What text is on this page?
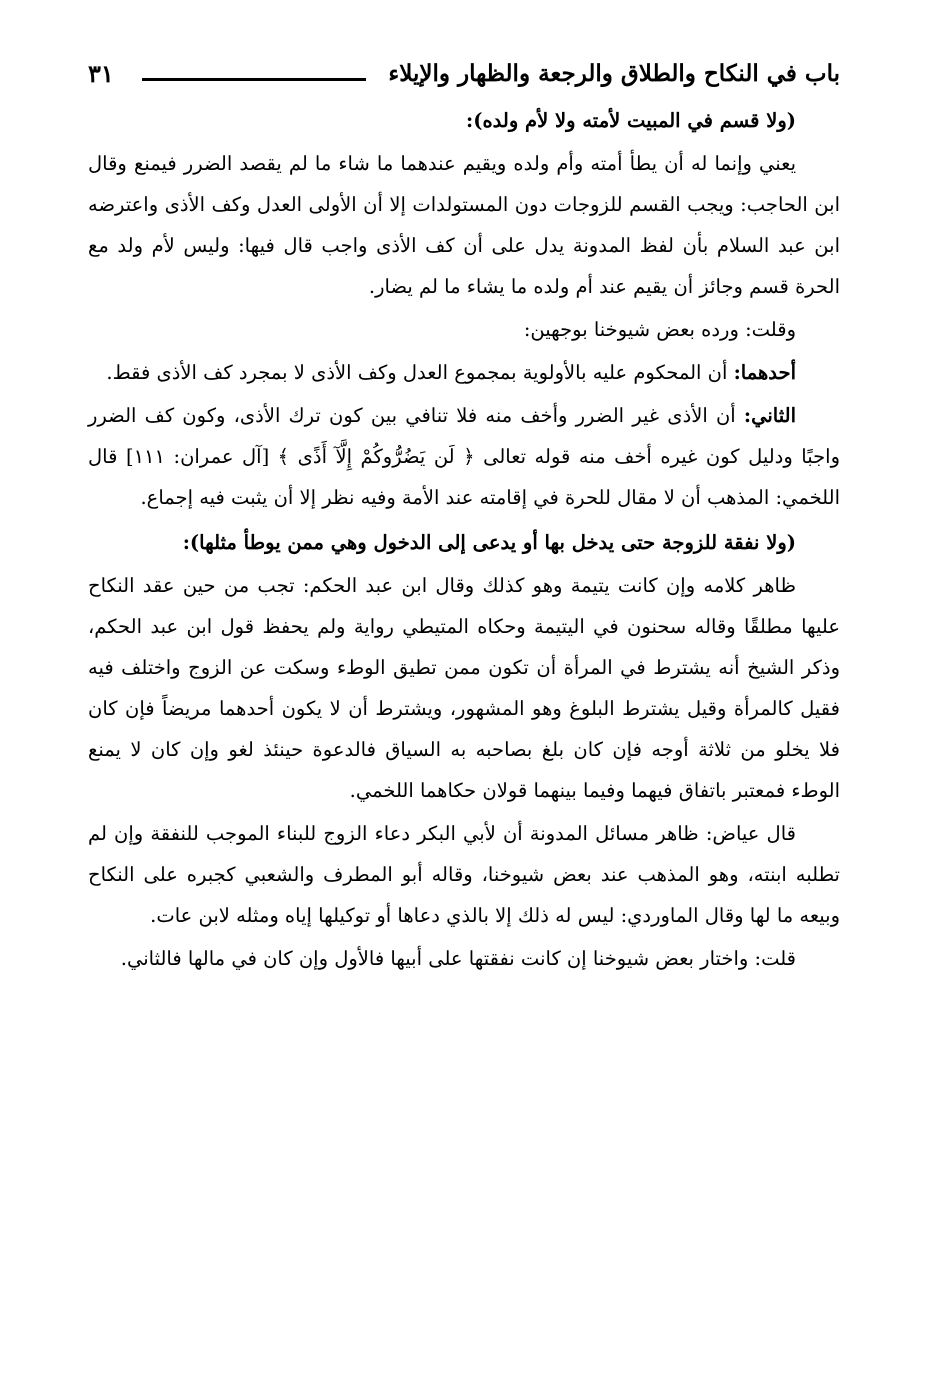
باب في النكاح والطلاق والرجعة والظهار والإيلاء
٣١
(ولا قسم في المبيت لأمته ولا لأم ولده):

يعني وإنما له أن يطأ أمته وأم ولده ويقيم عندهما ما شاء ما لم يقصد الضرر فيمنع وقال ابن الحاجب: ويجب القسم للزوجات دون المستولدات إلا أن الأولى العدل وكف الأذى واعترضه ابن عبد السلام بأن لفظ المدونة يدل على أن كف الأذى واجب قال فيها: وليس لأم ولد مع الحرة قسم وجائز أن يقيم عند أم ولده ما يشاء ما لم يضار.

وقلت: ورده بعض شيوخنا بوجهين:

أحدهما: أن المحكوم عليه بالأولوية بمجموع العدل وكف الأذى لا بمجرد كف الأذى فقط.

الثاني: أن الأذى غير الضرر وأخف منه فلا تنافي بين كون ترك الأذى، وكون كف الضرر واجبًا ودليل كون غيره أخف منه قوله تعالى ﴿ لَن يَضُرُّوكُمْ إِلَّآ أَذًى ﴾ [آل عمران: ١١١] قال اللخمي: المذهب أن لا مقال للحرة في إقامته عند الأمة وفيه نظر إلا أن يثبت فيه إجماع.

(ولا نفقة للزوجة حتى يدخل بها أو يدعى إلى الدخول وهي ممن يوطأ مثلها):

ظاهر كلامه وإن كانت يتيمة وهو كذلك وقال ابن عبد الحكم: تجب من حين عقد النكاح عليها مطلقًا وقاله سحنون في اليتيمة وحكاه المتيطي رواية ولم يحفظ قول ابن عبد الحكم، وذكر الشيخ أنه يشترط في المرأة أن تكون ممن تطيق الوطء وسكت عن الزوج واختلف فيه فقيل كالمرأة وقيل يشترط البلوغ وهو المشهور، ويشترط أن لا يكون أحدهما مريضاً فإن كان فلا يخلو من ثلاثة أوجه فإن كان بلغ بصاحبه به السياق فالدعوة حينئذ لغو وإن كان لا يمنع الوطء فمعتبر باتفاق فيهما وفيما بينهما قولان حكاهما اللخمي.

قال عياض: ظاهر مسائل المدونة أن لأبي البكر دعاء الزوج للبناء الموجب للنفقة وإن لم تطلبه ابنته، وهو المذهب عند بعض شيوخنا، وقاله أبو المطرف والشعبي كجبره على النكاح وبيعه ما لها وقال الماوردي: ليس له ذلك إلا بالذي دعاها أو توكيلها إياه ومثله لابن عات.

قلت: واختار بعض شيوخنا إن كانت نفقتها على أبيها فالأول وإن كان في مالها فالثاني.
